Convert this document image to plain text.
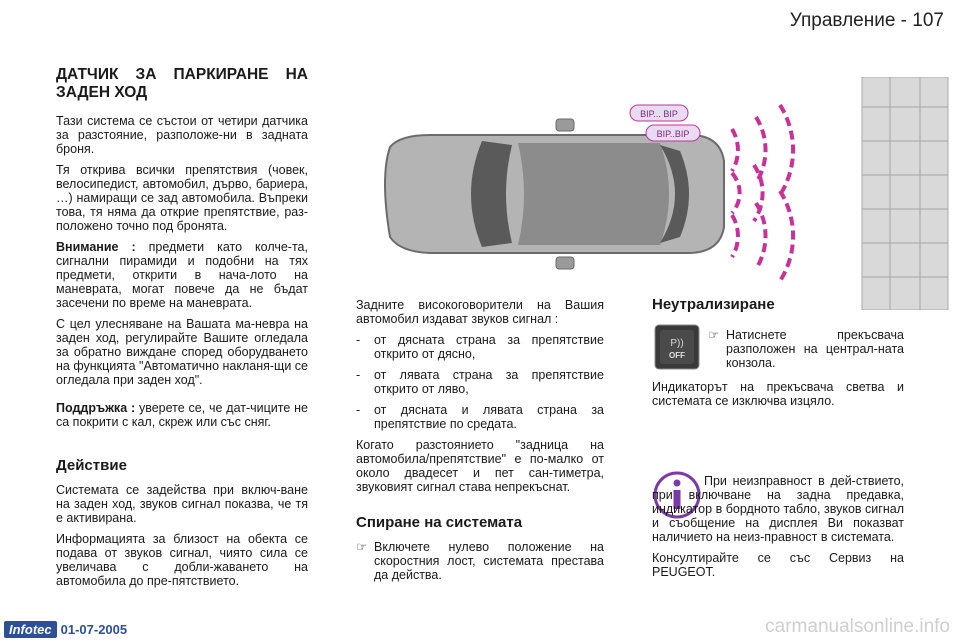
Управление - 107
ДАТЧИК ЗА ПАРКИРАНЕ НА ЗАДЕН ХОД

Тази система се състои от четири датчика за разстояние, разположе-ни в задната броня.

Тя открива всички препятствия (човек, велосипедист, автомобил, дърво, бариера, …) намиращи се зад автомобила. Въпреки това, тя няма да открие препятствие, раз-положено точно под бронята.

Внимание : предмети като колче-та, сигнални пирамиди и подобни на тях предмети, открити в нача-лото на маневрата, могат повече да не бъдат засечени по време на маневрата.

С цел улесняване на Вашата ма-невра на заден ход, регулирайте Вашите огледала за обратно виждане според оборудването на функцията "Автоматично накланя-щи се огледала при заден ход".

Поддръжка : уверете се, че дат-чиците не са покрити с кал, скреж или със сняг.

Действие

Системата се задейства при включ-ване на заден ход, звуков сигнал показва, че тя е активирана.

Информацията за близост на обекта се подава от звуков сигнал, чиято сила се увеличава с добли-жаването на автомобила до пре-пятствието.

BIP... BIP
BIP..BIP

Задните високоговорители на Вашия автомобил издават звуков сигнал :

-	от дясната страна за препятствие открито от дясно,
-	от лявата страна за препятствие открито от ляво,
-	от дясната и лявата страна за препятствие по средата.

Когато разстоянието "задница на автомобила/препятствие" е по-малко от около двадесет и пет сан-тиметра, звуковият сигнал става непрекъснат.

Спиране на системата
☞ Включете нулево положение на скоростния лост, системата престава да действа.
Неутрализиране
☞ Натиснете прекъсвача разположен на централ-ната конзола.

Индикаторът на прекъсвача светва и системата се изключва изцяло.

P))
OFF

При неизправност в дей-ствието, при включване на задна предавка, индикатор в бордното табло, звуков сигнал и съобщение на дисплея Ви показват наличието на неиз-правност в системата.

Консултирайте се със Сервиз на PEUGEOT.

Infotec 01-07-2005	carmanualsonline.info
